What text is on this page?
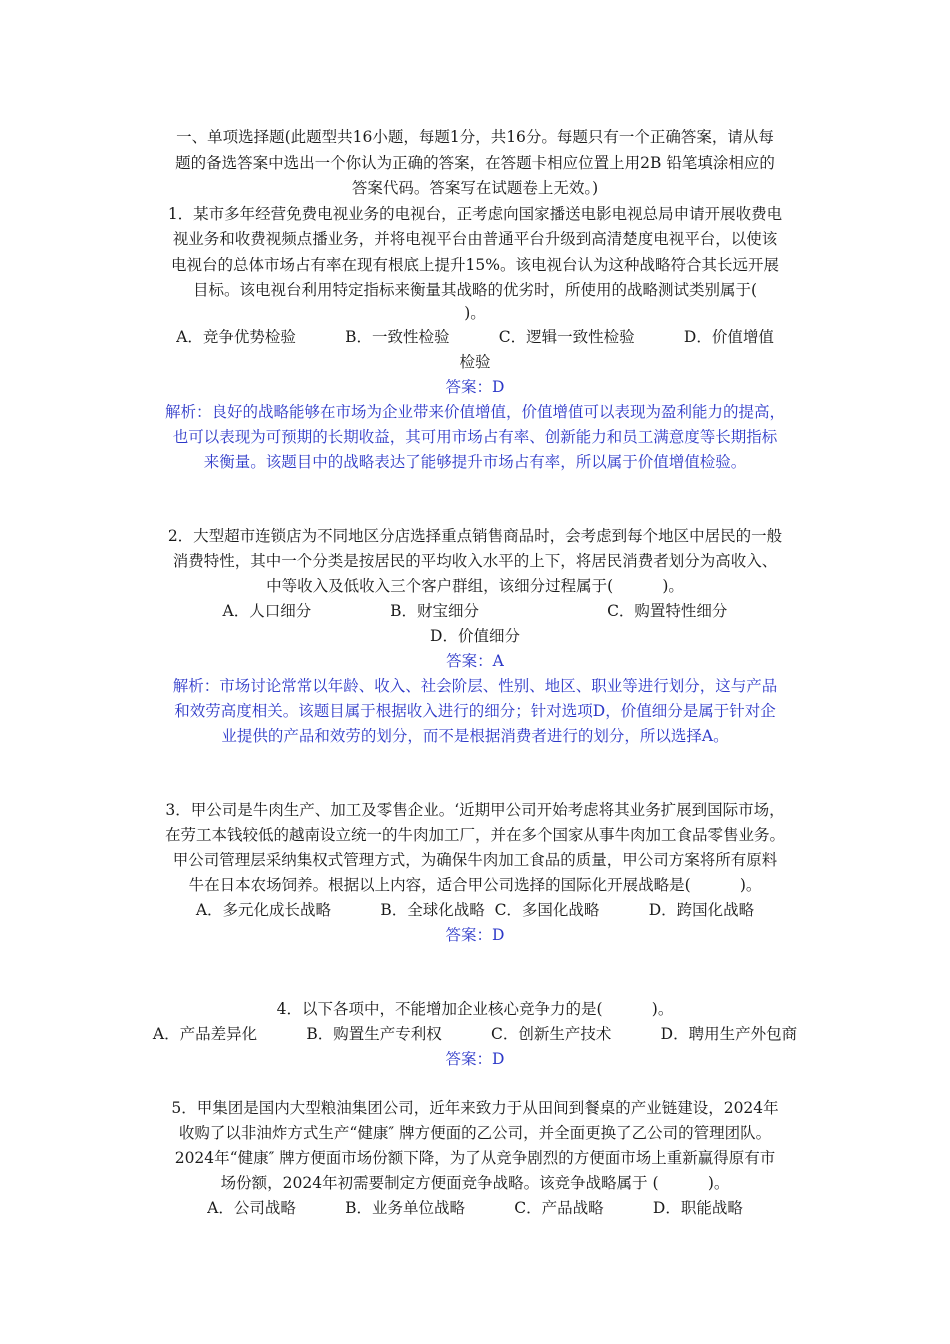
一、单项选择题(此题型共16小题，每题1分，共16分。每题只有一个正确答案，请从每
题的备选答案中选出一个你认为正确的答案，在答题卡相应位置上用2B 铅笔填涂相应的
答案代码。答案写在试题卷上无效。)
1．某市多年经营免费电视业务的电视台，正考虑向国家播送电影电视总局申请开展收费电
视业务和收费视频点播业务，并将电视平台由普通平台升级到高清楚度电视平台，以使该
电视台的总体市场占有率在现有根底上提升15%。该电视台认为这种战略符合其长远开展
目标。该电视台利用特定指标来衡量其战略的优劣时，所使用的战略测试类别属于(
)。
A．竞争优势检验          B．一致性检验          C．逻辑一致性检验          D．价值增值
检验
答案：D
解析：良好的战略能够在市场为企业带来价值增值，价值增值可以表现为盈利能力的提高，
也可以表现为可预期的长期收益，其可用市场占有率、创新能力和员工满意度等长期指标
来衡量。该题目中的战略表达了能够提升市场占有率，所以属于价值增值检验。
2．大型超市连锁店为不同地区分店选择重点销售商品时，会考虑到每个地区中居民的一般
消费特性，其中一个分类是按居民的平均收入水平的上下，将居民消费者划分为高收入、
中等收入及低收入三个客户群组，该细分过程属于(          )。
A．人口细分                B．财宝细分                          C．购置特性细分
D．价值细分
答案：A
解析：市场讨论常常以年龄、收入、社会阶层、性别、地区、职业等进行划分，这与产品
和效劳高度相关。该题目属于根据收入进行的细分；针对选项D，价值细分是属于针对企
业提供的产品和效劳的划分，而不是根据消费者进行的划分，所以选择A。
3．甲公司是牛肉生产、加工及零售企业。‘近期甲公司开始考虑将其业务扩展到国际市场，
在劳工本钱较低的越南设立统一的牛肉加工厂，并在多个国家从事牛肉加工食品零售业务。
甲公司管理层采纳集权式管理方式，为确保牛肉加工食品的质量，甲公司方案将所有原料
牛在日本农场饲养。根据以上内容，适合甲公司选择的国际化开展战略是(          )。
A．多元化成长战略          B．全球化战略  C．多国化战略          D．跨国化战略
答案：D
4．以下各项中，不能增加企业核心竞争力的是(          )。
A．产品差异化          B．购置生产专利权          C．创新生产技术          D．聘用生产外包商
答案：D
5．甲集团是国内大型粮油集团公司，近年来致力于从田间到餐桌的产业链建设，2024年
收购了以非油炸方式生产“健康″ 牌方便面的乙公司，并全面更换了乙公司的管理团队。
2024年“健康″ 牌方便面市场份额下降，为了从竞争剧烈的方便面市场上重新赢得原有市
场份额，2024年初需要制定方便面竞争战略。该竞争战略属于 (          )。
A．公司战略          B．业务单位战略          C．产品战略          D．职能战略
